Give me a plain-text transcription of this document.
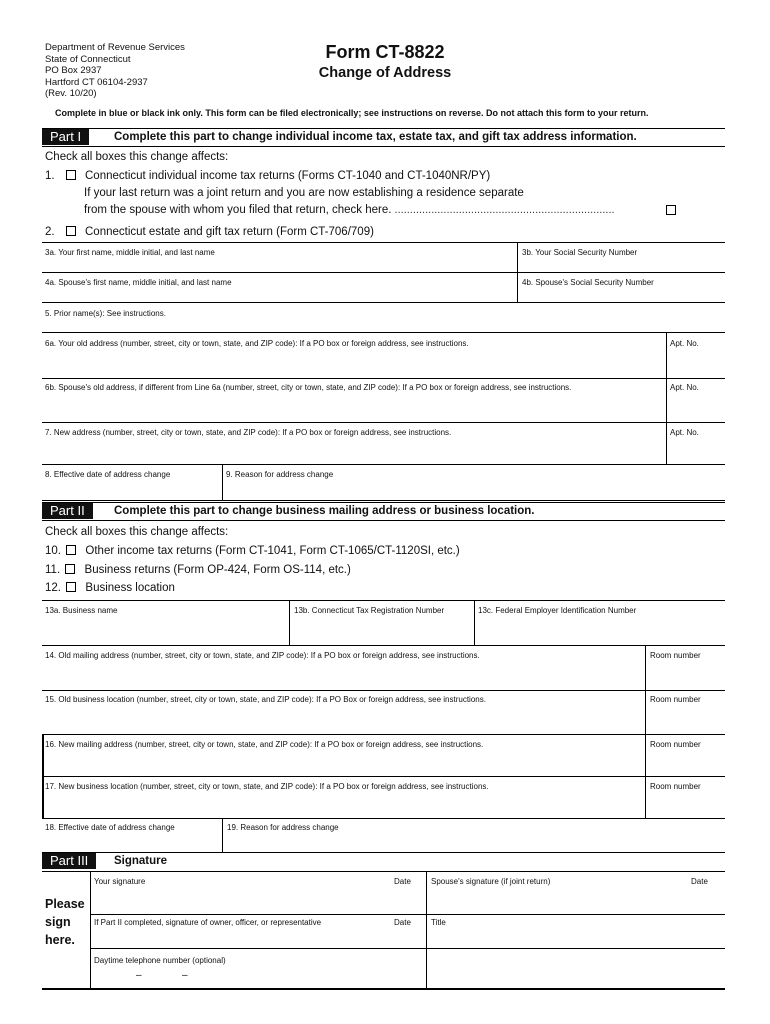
Department of Revenue Services
State of Connecticut
PO Box 2937
Hartford CT 06104-2937
(Rev. 10/20)
Form CT-8822
Change of Address
Complete in blue or black ink only. This form can be filed electronically; see instructions on reverse. Do not attach this form to your return.
Part I	Complete this part to change individual income tax, estate tax, and gift tax address information.
Check all boxes this change affects:
1.	Connecticut individual income tax returns (Forms CT-1040 and CT-1040NR/PY)
If your last return was a joint return and you are now establishing a residence separate
from the spouse with whom you filed that return, check here. ........................................................................
2.	Connecticut estate and gift tax return (Form CT-706/709)
3a. Your first name, middle initial, and last name	3b. Your Social Security Number
4a. Spouse's first name, middle initial, and last name	4b. Spouse's Social Security Number
5. Prior name(s): See instructions.
6a. Your old address (number, street, city or town, state, and ZIP code): If a PO box or foreign address, see instructions.	Apt. No.
6b. Spouse's old address, if different from Line 6a (number, street, city or town, state, and ZIP code): If a PO box or foreign address, see instructions.	Apt. No.
7. New address (number, street, city or town, state, and ZIP code): If a PO box or foreign address, see instructions.	Apt. No.
8. Effective date of address change	9. Reason for address change
Part II	Complete this part to change business mailing address or business location.
Check all boxes this change affects:
10. Other income tax returns (Form CT-1041, Form CT-1065/CT-1120SI, etc.)
11. Business returns (Form OP-424, Form OS-114, etc.)
12. Business location
13a. Business name	13b. Connecticut Tax Registration Number	13c. Federal Employer Identification Number
14. Old mailing address (number, street, city or town, state, and ZIP code): If a PO box or foreign address, see instructions.	Room number
15. Old business location (number, street, city or town, state, and ZIP code): If a PO Box or foreign address, see instructions.	Room number
16. New mailing address (number, street, city or town, state, and ZIP code): If a PO box or foreign address, see instructions.	Room number
17. New business location (number, street, city or town, state, and ZIP code): If a PO box or foreign address, see instructions.	Room number
18. Effective date of address change	19. Reason for address change
Part III	Signature
Please
sign
here.
Your signature	Date	Spouse's signature (if joint return)	Date
If Part II completed, signature of owner, officer, or representative	Date	Title
Daytime telephone number (optional)
–	–
